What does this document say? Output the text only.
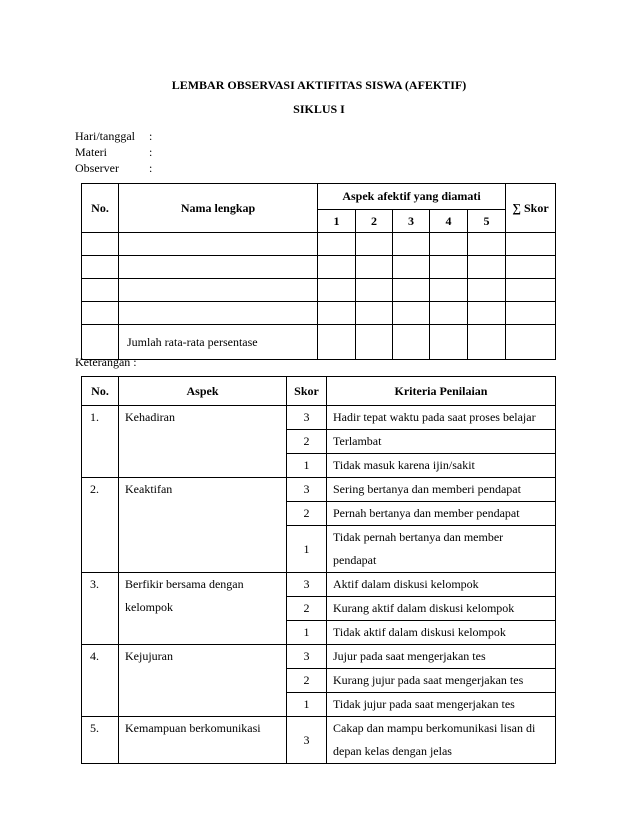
LEMBAR OBSERVASI AKTIFITAS SISWA (AFEKTIF)
SIKLUS I
Hari/tanggal	:
Materi	:
Observer	:
No.	Nama lengkap	Aspek afektif yang diamati					∑ Skor
		1	2	3	4	5	

	Jumlah rata-rata persentase						
Keterangan :
No.	Aspek	Skor	Kriteria Penilaian
1.	Kehadiran	3	Hadir tepat waktu pada saat proses belajar
		2	Terlambat
		1	Tidak masuk karena ijin/sakit
2.	Keaktifan	3	Sering bertanya dan memberi pendapat
		2	Pernah bertanya dan member pendapat
		1	Tidak pernah bertanya dan member pendapat
3.	Berfikir bersama dengan kelompok	3	Aktif dalam diskusi kelompok
		2	Kurang aktif dalam diskusi kelompok
		1	Tidak aktif dalam diskusi kelompok
4.	Kejujuran	3	Jujur pada saat mengerjakan tes
		2	Kurang jujur pada saat mengerjakan tes
		1	Tidak jujur pada saat mengerjakan tes
5.	Kemampuan berkomunikasi	3	Cakap dan mampu berkomunikasi lisan di depan kelas dengan jelas
